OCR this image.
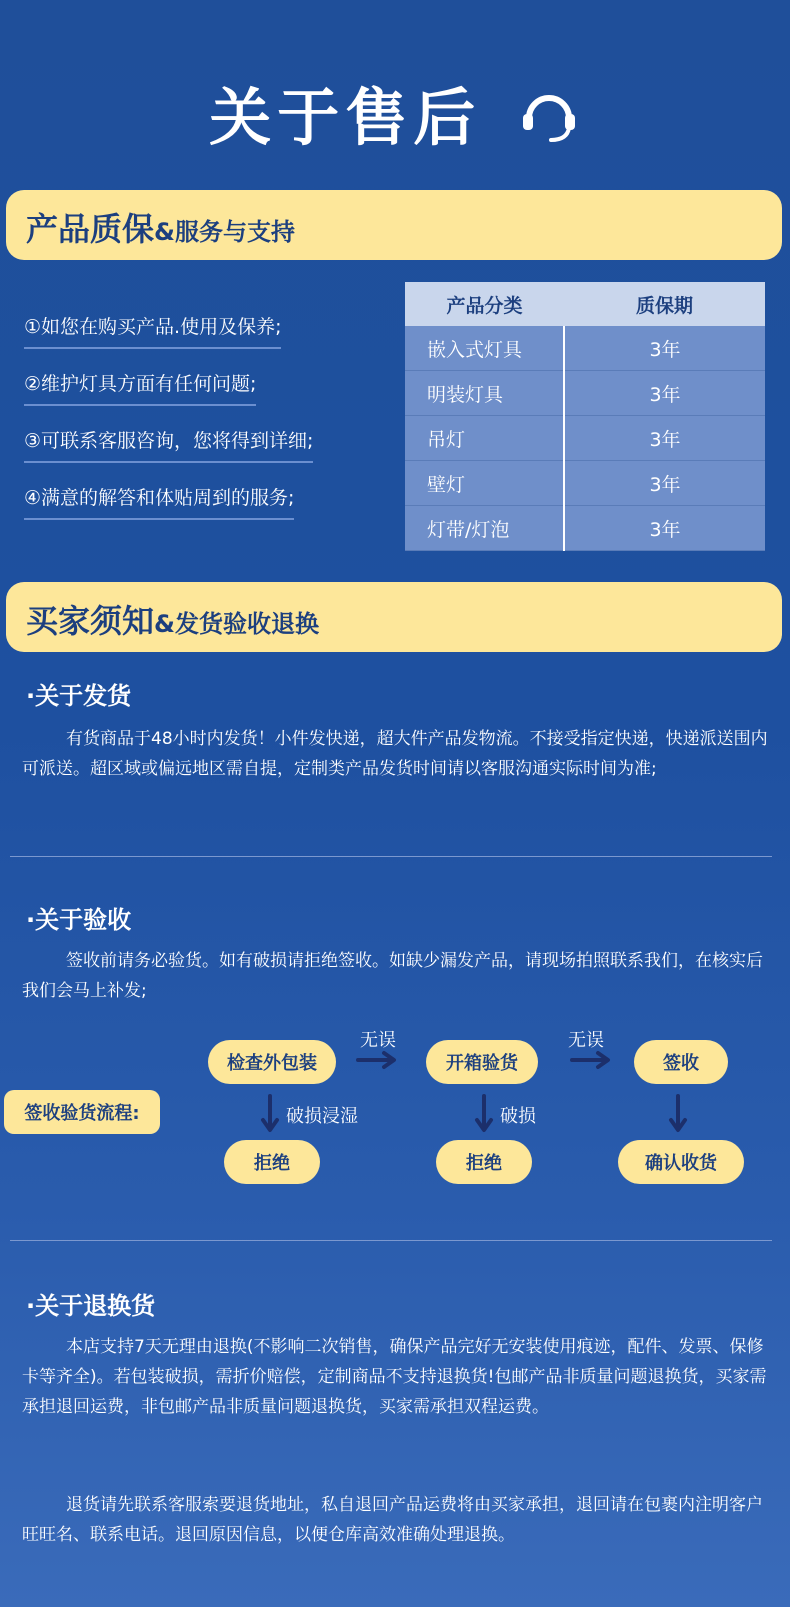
关于售后
产品质保&服务与支持
①如您在购买产品.使用及保养;
②维护灯具方面有任何问题;
③可联系客服咨询，您将得到详细;
④满意的解答和体贴周到的服务;
产品分类	质保期
嵌入式灯具	3年
明装灯具	3年
吊灯	3年
壁灯	3年
灯带/灯泡	3年
买家须知&发货验收退换
·关于发货
有货商品于48小时内发货！小件发快递，超大件产品发物流。不接受指定快递，快递派送围内可派送。超区域或偏远地区需自提，定制类产品发货时间请以客服沟通实际时间为准;
·关于验收
签收前请务必验货。如有破损请拒绝签收。如缺少漏发产品，请现场拍照联系我们，在核实后我们会马上补发;
检查外包装	开箱验货	签收
无误	无误
签收验货流程:	破损浸湿	破损
拒绝	拒绝	确认收货
·关于退换货
本店支持7天无理由退换(不影响二次销售，确保产品完好无安装使用痕迹，配件、发票、保修卡等齐全)。若包装破损，需折价赔偿，定制商品不支持退换货!包邮产品非质量问题退换货，买家需承担退回运费，非包邮产品非质量问题退换货，买家需承担双程运费。
退货请先联系客服索要退货地址，私自退回产品运费将由买家承担，退回请在包裹内注明客户旺旺名、联系电话。退回原因信息，以便仓库高效准确处理退换。
